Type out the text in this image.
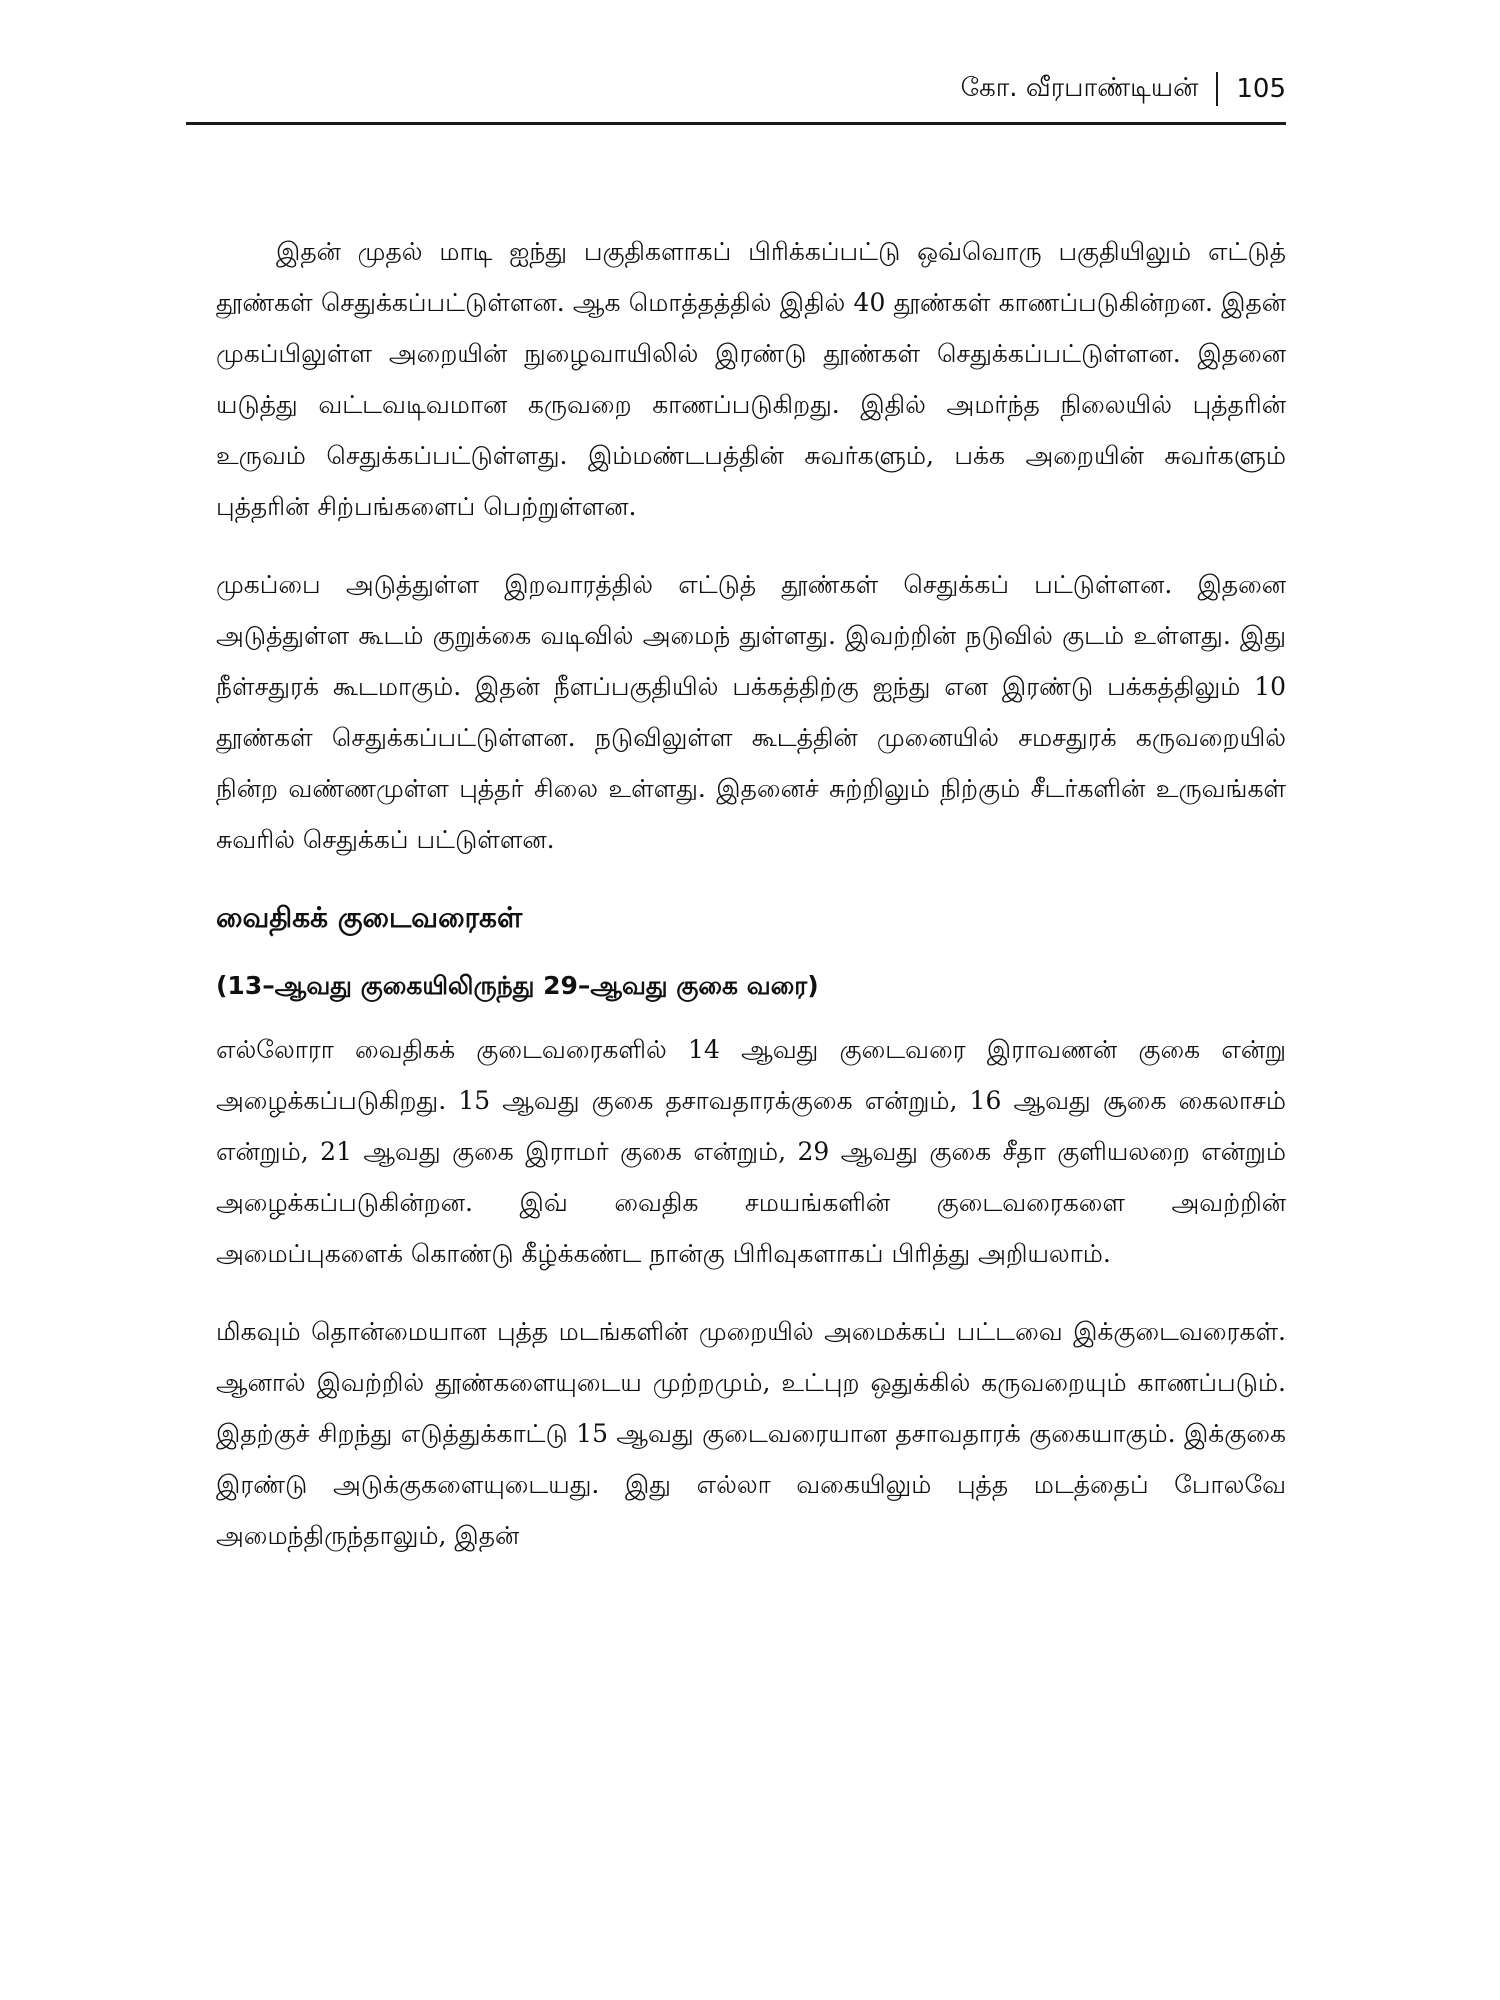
கோ. வீரபாண்டியன்	105

இதன் முதல் மாடி ஐந்து பகுதிகளாகப் பிரிக்கப்பட்டு ஒவ்வொரு பகுதியிலும் எட்டுத் தூண்கள் செதுக்கப்பட்டுள்ளன. ஆக மொத்தத்தில் இதில் 40 தூண்கள் காணப்படுகின்றன. இதன் முகப்பிலுள்ள அறையின் நுழைவாயிலில் இரண்டு தூண்கள் செதுக்கப்பட்டுள்ளன. இதனை யடுத்து வட்டவடிவமான கருவறை காணப்படுகிறது. இதில் அமர்ந்த நிலையில் புத்தரின் உருவம் செதுக்கப்பட்டுள்ளது. இம்மண்டபத்தின் சுவர்களும், பக்க அறையின் சுவர்களும் புத்தரின் சிற்பங்களைப் பெற்றுள்ளன.

முகப்பை அடுத்துள்ள இறவாரத்தில் எட்டுத் தூண்கள் செதுக்கப் பட்டுள்ளன. இதனை அடுத்துள்ள கூடம் குறுக்கை வடிவில் அமைந் துள்ளது. இவற்றின் நடுவில் குடம் உள்ளது. இது நீள்சதுரக் கூடமாகும். இதன் நீளப்பகுதியில் பக்கத்திற்கு ஐந்து என இரண்டு பக்கத்திலும் 10 தூண்கள் செதுக்கப்பட்டுள்ளன. நடுவிலுள்ள கூடத்தின் முனையில் சமசதுரக் கருவறையில் நின்ற வண்ணமுள்ள புத்தர் சிலை உள்ளது. இதனைச் சுற்றிலும் நிற்கும் சீடர்களின் உருவங்கள் சுவரில் செதுக்கப் பட்டுள்ளன.

வைதிகக் குடைவரைகள்
(13–ஆவது குகையிலிருந்து 29–ஆவது குகை வரை)

எல்லோரா வைதிகக் குடைவரைகளில் 14 ஆவது குடைவரை இராவணன் குகை என்று அழைக்கப்படுகிறது. 15 ஆவது குகை தசாவதாரக்குகை என்றும், 16 ஆவது சூகை கைலாசம் என்றும், 21 ஆவது குகை இராமர் குகை என்றும், 29 ஆவது குகை சீதா குளியலறை என்றும் அழைக்கப்படுகின்றன. இவ் வைதிக சமயங்களின் குடைவரைகளை அவற்றின் அமைப்புகளைக் கொண்டு கீழ்க்கண்ட நான்கு பிரிவுகளாகப் பிரித்து அறியலாம்.

மிகவும் தொன்மையான புத்த மடங்களின் முறையில் அமைக்கப் பட்டவை இக்குடைவரைகள். ஆனால் இவற்றில் தூண்களையுடைய முற்றமும், உட்புற ஒதுக்கில் கருவறையும் காணப்படும். இதற்குச் சிறந்து எடுத்துக்காட்டு 15 ஆவது குடைவரையான தசாவதாரக் குகையாகும். இக்குகை இரண்டு அடுக்குகளையுடையது. இது எல்லா வகையிலும் புத்த மடத்தைப் போலவே அமைந்திருந்தாலும், இதன்
